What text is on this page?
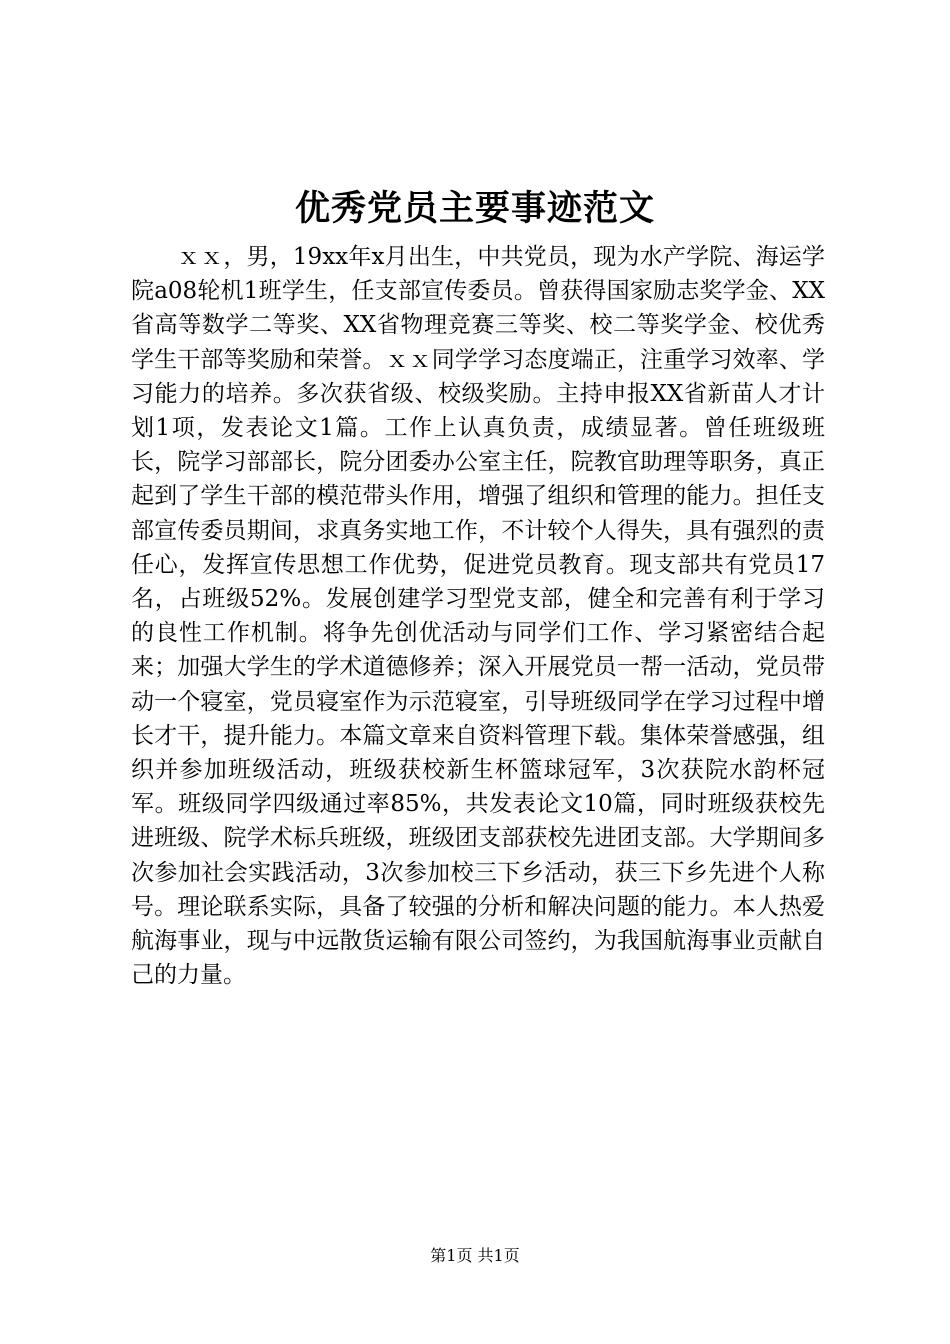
优秀党员主要事迹范文

ｘｘ，男，19xx年x月出生，中共党员，现为水产学院、海运学院a08轮机1班学生，任支部宣传委员。曾获得国家励志奖学金、XX省高等数学二等奖、XX省物理竞赛三等奖、校二等奖学金、校优秀学生干部等奖励和荣誉。ｘｘ同学学习态度端正，注重学习效率、学习能力的培养。多次获省级、校级奖励。主持申报XX省新苗人才计划1项，发表论文1篇。工作上认真负责，成绩显著。曾任班级班长，院学习部部长，院分团委办公室主任，院教官助理等职务，真正起到了学生干部的模范带头作用，增强了组织和管理的能力。担任支部宣传委员期间，求真务实地工作，不计较个人得失，具有强烈的责任心，发挥宣传思想工作优势，促进党员教育。现支部共有党员17名，占班级52%。发展创建学习型党支部，健全和完善有利于学习的良性工作机制。将争先创优活动与同学们工作、学习紧密结合起来；加强大学生的学术道德修养；深入开展党员一帮一活动，党员带动一个寝室，党员寝室作为示范寝室，引导班级同学在学习过程中增长才干，提升能力。本篇文章来自资料管理下载。集体荣誉感强，组织并参加班级活动，班级获校新生杯篮球冠军，3次获院水韵杯冠军。班级同学四级通过率85%，共发表论文10篇，同时班级获校先进班级、院学术标兵班级，班级团支部获校先进团支部。大学期间多次参加社会实践活动，3次参加校三下乡活动，获三下乡先进个人称号。理论联系实际，具备了较强的分析和解决问题的能力。本人热爱航海事业，现与中远散货运输有限公司签约，为我国航海事业贡献自己的力量。

第1页 共1页
